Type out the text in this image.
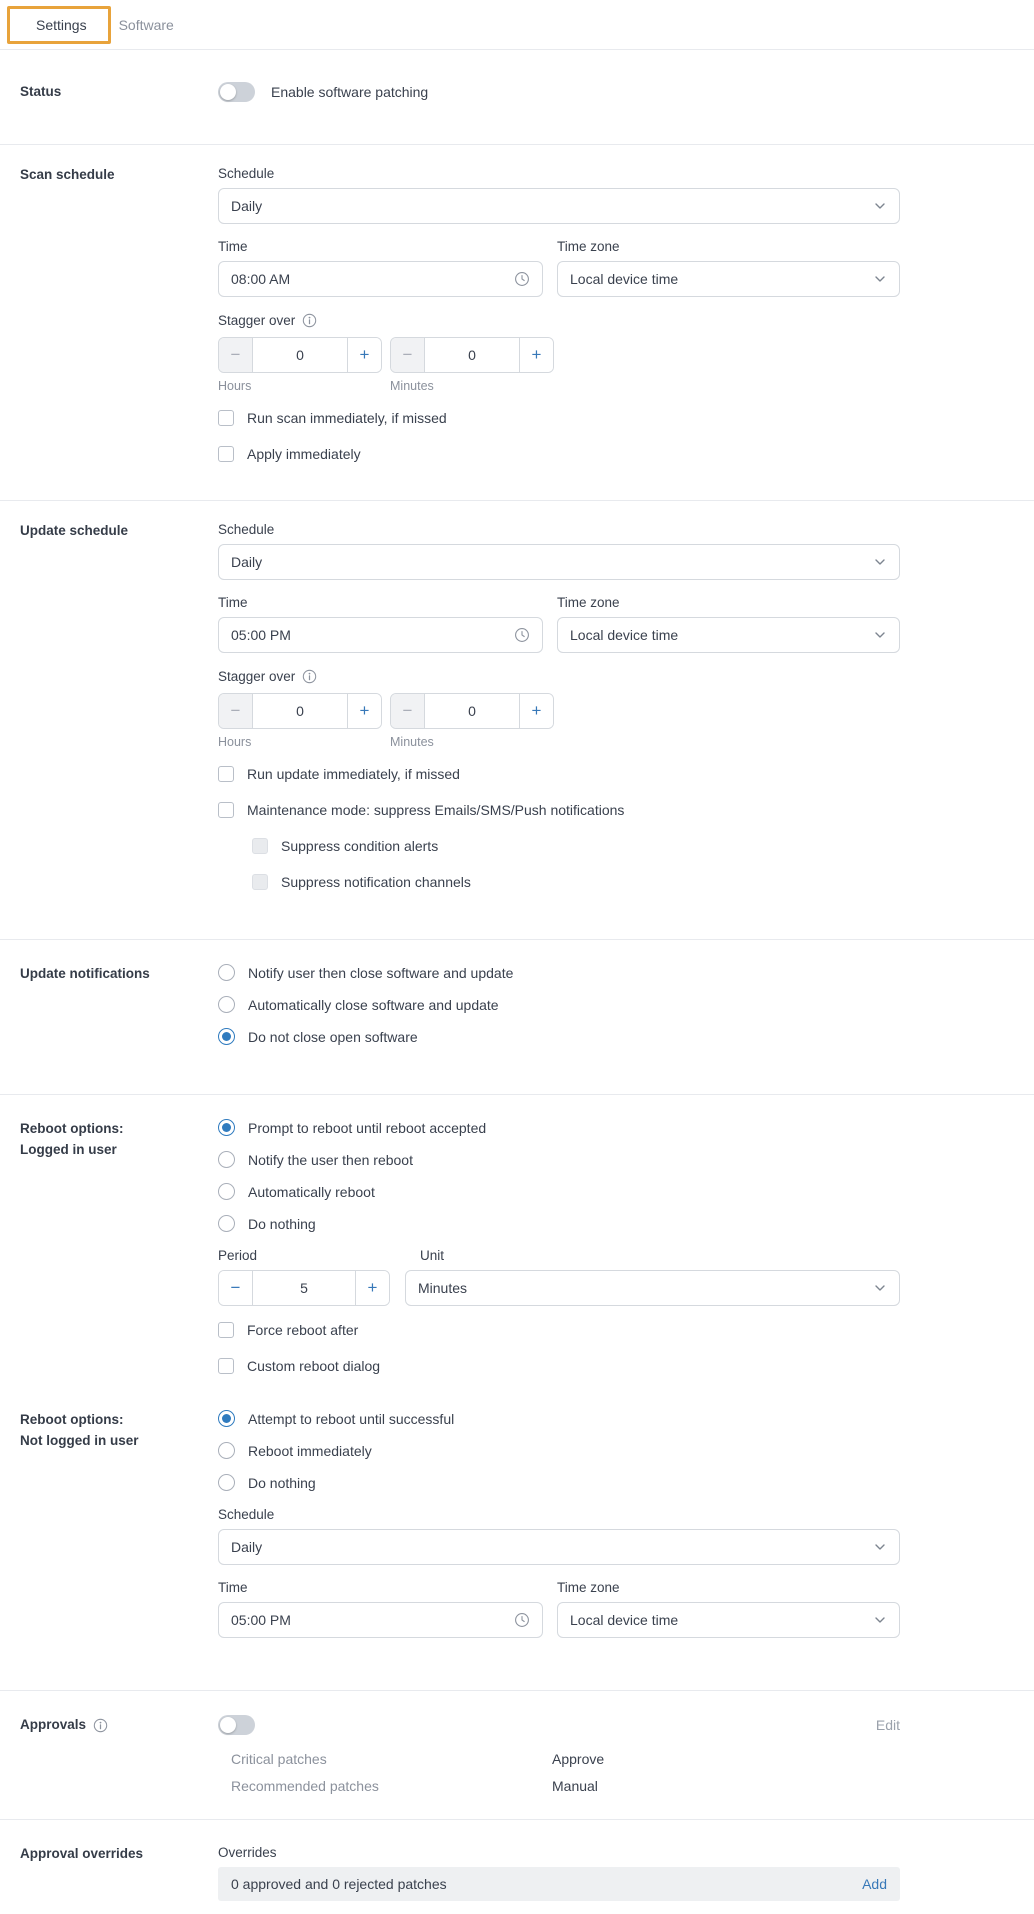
Settings	Software
Status	Enable software patching
Scan schedule	Schedule
Daily
Time	Time zone
08:00 AM	Local device time
Stagger over
−	0	+	−	0	+
Hours	Minutes
Run scan immediately, if missed
Apply immediately
Update schedule	Schedule
Daily
Time	Time zone
05:00 PM	Local device time
Stagger over
−	0	+	−	0	+
Hours	Minutes
Run update immediately, if missed
Maintenance mode: suppress Emails/SMS/Push notifications
Suppress condition alerts
Suppress notification channels
Update notifications	Notify user then close software and update
Automatically close software and update
Do not close open software
Reboot options:
Logged in user
Prompt to reboot until reboot accepted
Notify the user then reboot
Automatically reboot
Do nothing
Period	Unit
−	5	+	Minutes
Force reboot after
Custom reboot dialog
Reboot options:
Not logged in user
Attempt to reboot until successful
Reboot immediately
Do nothing
Schedule
Daily
Time	Time zone
05:00 PM	Local device time
Approvals	Edit
Critical patches	Approve
Recommended patches	Manual
Approval overrides	Overrides
0 approved and 0 rejected patches	Add
